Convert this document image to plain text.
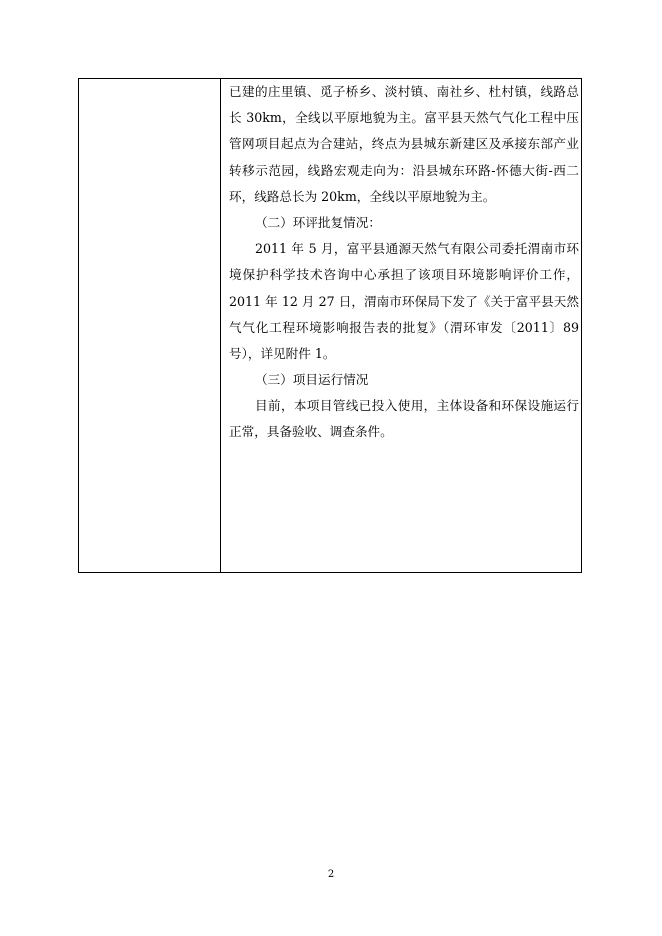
已建的庄里镇、觅子桥乡、淡村镇、南社乡、杜村镇，线路总
长 30km，全线以平原地貌为主。富平县天然气气化工程中压
管网项目起点为合建站，终点为县城东新建区及承接东部产业
转移示范园，线路宏观走向为：沿县城东环路-怀德大街-西二
环，线路总长为 20km，全线以平原地貌为主。
（二）环评批复情况：
2011 年 5 月，富平县通源天然气有限公司委托渭南市环
境保护科学技术咨询中心承担了该项目环境影响评价工作，
2011 年 12 月 27 日，渭南市环保局下发了《关于富平县天然
气气化工程环境影响报告表的批复》（渭环审发〔2011〕89
号），详见附件 1。
（三）项目运行情况
目前，本项目管线已投入使用，主体设备和环保设施运行
正常，具备验收、调查条件。
2
